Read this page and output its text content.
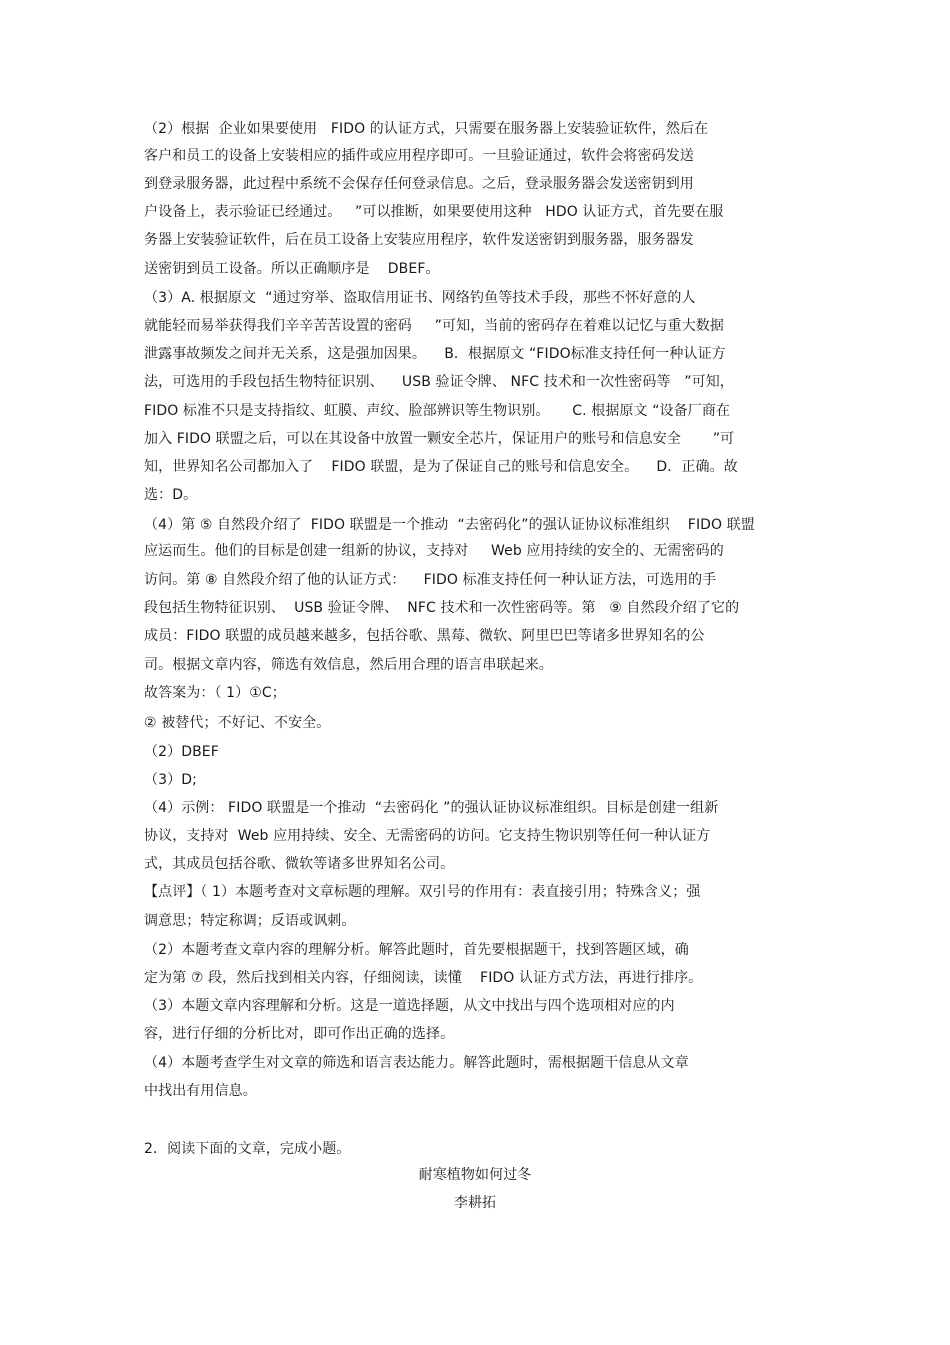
（2）根据  企业如果要使用   FIDO 的认证方式，只需要在服务器上安装验证软件，然后在
客户和员工的设备上安装相应的插件或应用程序即可。一旦验证通过，软件会将密码发送
到登录服务器，此过程中系统不会保存任何登录信息。之后，登录服务器会发送密钥到用
户设备上，表示验证已经通过。   ”可以推断，如果要使用这种   HDO 认证方式，首先要在服
务器上安装验证软件，后在员工设备上安装应用程序，软件发送密钥到服务器，服务器发
送密钥到员工设备。所以正确顺序是    DBEF。
（3）A. 根据原文  “通过穷举、盗取信用证书、网络钓鱼等技术手段，那些不怀好意的人
就能轻而易举获得我们辛辛苦苦设置的密码     ”可知，当前的密码存在着难以记忆与重大数据
泄露事故频发之间并无关系，这是强加因果。    B．根据原文 “FIDO标准支持任何一种认证方
法，可选用的手段包括生物特征识别、    USB 验证令牌、 NFC 技术和一次性密码等   ”可知，
FIDO 标准不只是支持指纹、虹膜、声纹、脸部辨识等生物识别。     C. 根据原文 “设备厂商在
加入 FIDO 联盟之后，可以在其设备中放置一颗安全芯片，保证用户的账号和信息安全       ”可
知，世界知名公司都加入了    FIDO 联盟，是为了保证自己的账号和信息安全。    D．正确。故
选：D。
（4）第 ⑤ 自然段介绍了  FIDO 联盟是一个推动  “去密码化”的强认证协议标准组织    FIDO 联盟
应运而生。他们的目标是创建一组新的协议，支持对     Web 应用持续的安全的、无需密码的
访问。第 ⑧ 自然段介绍了他的认证方式：    FIDO 标准支持任何一种认证方法，可选用的手
段包括生物特征识别、  USB 验证令牌、  NFC 技术和一次性密码等。第   ⑨ 自然段介绍了它的
成员：FIDO 联盟的成员越来越多，包括谷歌、黑莓、微软、阿里巴巴等诸多世界知名的公
司。根据文章内容，筛选有效信息，然后用合理的语言串联起来。
故答案为：（ 1）①C；
② 被替代；不好记、不安全。
（2）DBEF
（3）D;
（4）示例： FIDO 联盟是一个推动  “去密码化 ”的强认证协议标准组织。目标是创建一组新
协议，支持对  Web 应用持续、安全、无需密码的访问。它支持生物识别等任何一种认证方
式，其成员包括谷歌、微软等诸多世界知名公司。
【点评】（ 1）本题考查对文章标题的理解。双引号的作用有：表直接引用；特殊含义；强
调意思；特定称调；反语或讽刺。
（2）本题考查文章内容的理解分析。解答此题时，首先要根据题干，找到答题区域，确
定为第 ⑦ 段，然后找到相关内容，仔细阅读，读懂    FIDO 认证方式方法，再进行排序。
（3）本题文章内容理解和分析。这是一道选择题，从文中找出与四个选项相对应的内
容，进行仔细的分析比对，即可作出正确的选择。
（4）本题考查学生对文章的筛选和语言表达能力。解答此题时，需根据题干信息从文章
中找出有用信息。
2．阅读下面的文章，完成小题。
耐寒植物如何过冬
李耕拓
